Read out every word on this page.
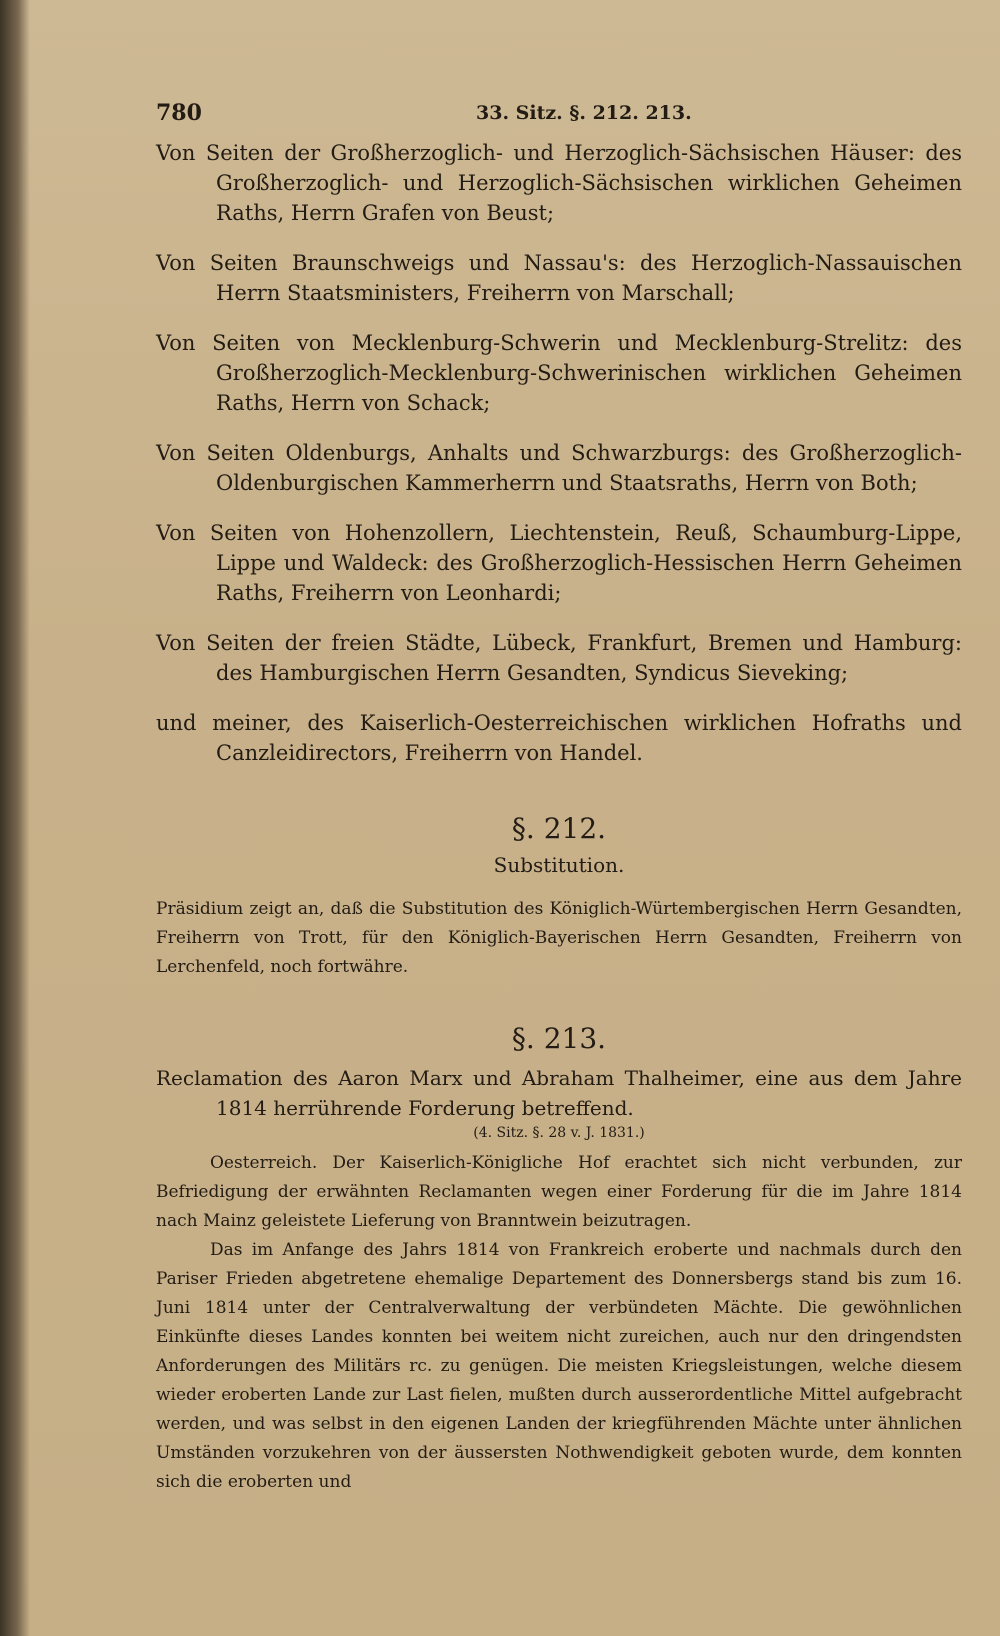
780	33. Sitz. §. 212. 213.

Von Seiten der Großherzoglich- und Herzoglich-Sächsischen Häuser: des Großherzoglich- und Herzoglich-Sächsischen wirklichen Geheimen Raths, Herrn Grafen von Beust;

Von Seiten Braunschweigs und Nassau's: des Herzoglich-Nassauischen Herrn Staatsministers, Freiherrn von Marschall;

Von Seiten von Mecklenburg-Schwerin und Mecklenburg-Strelitz: des Großherzoglich-Mecklenburg-Schwerinischen wirklichen Geheimen Raths, Herrn von Schack;

Von Seiten Oldenburgs, Anhalts und Schwarzburgs: des Großherzoglich-Oldenburgischen Kammerherrn und Staatsraths, Herrn von Both;

Von Seiten von Hohenzollern, Liechtenstein, Reuß, Schaumburg-Lippe, Lippe und Waldeck: des Großherzoglich-Hessischen Herrn Geheimen Raths, Freiherrn von Leonhardi;

Von Seiten der freien Städte, Lübeck, Frankfurt, Bremen und Hamburg: des Hamburgischen Herrn Gesandten, Syndicus Sieveking;

und meiner, des Kaiserlich-Oesterreichischen wirklichen Hofraths und Canzleidirectors, Freiherrn von Handel.

§. 212.
Substitution.

Präsidium zeigt an, daß die Substitution des Königlich-Würtembergischen Herrn Gesandten, Freiherrn von Trott, für den Königlich-Bayerischen Herrn Gesandten, Freiherrn von Lerchenfeld, noch fortwähre.

§. 213.

Reclamation des Aaron Marx und Abraham Thalheimer, eine aus dem Jahre 1814 herrührende Forderung betreffend.

(4. Sitz. §. 28 v. J. 1831.)

Oesterreich. Der Kaiserlich-Königliche Hof erachtet sich nicht verbunden, zur Befriedigung der erwähnten Reclamanten wegen einer Forderung für die im Jahre 1814 nach Mainz geleistete Lieferung von Branntwein beizutragen.

Das im Anfange des Jahrs 1814 von Frankreich eroberte und nachmals durch den Pariser Frieden abgetretene ehemalige Departement des Donnersbergs stand bis zum 16. Juni 1814 unter der Centralverwaltung der verbündeten Mächte. Die gewöhnlichen Einkünfte dieses Landes konnten bei weitem nicht zureichen, auch nur den dringendsten Anforderungen des Militärs rc. zu genügen. Die meisten Kriegsleistungen, welche diesem wieder eroberten Lande zur Last fielen, mußten durch ausserordentliche Mittel aufgebracht werden, und was selbst in den eigenen Landen der kriegführenden Mächte unter ähnlichen Umständen vorzukehren von der äussersten Nothwendigkeit geboten wurde, dem konnten sich die eroberten und
